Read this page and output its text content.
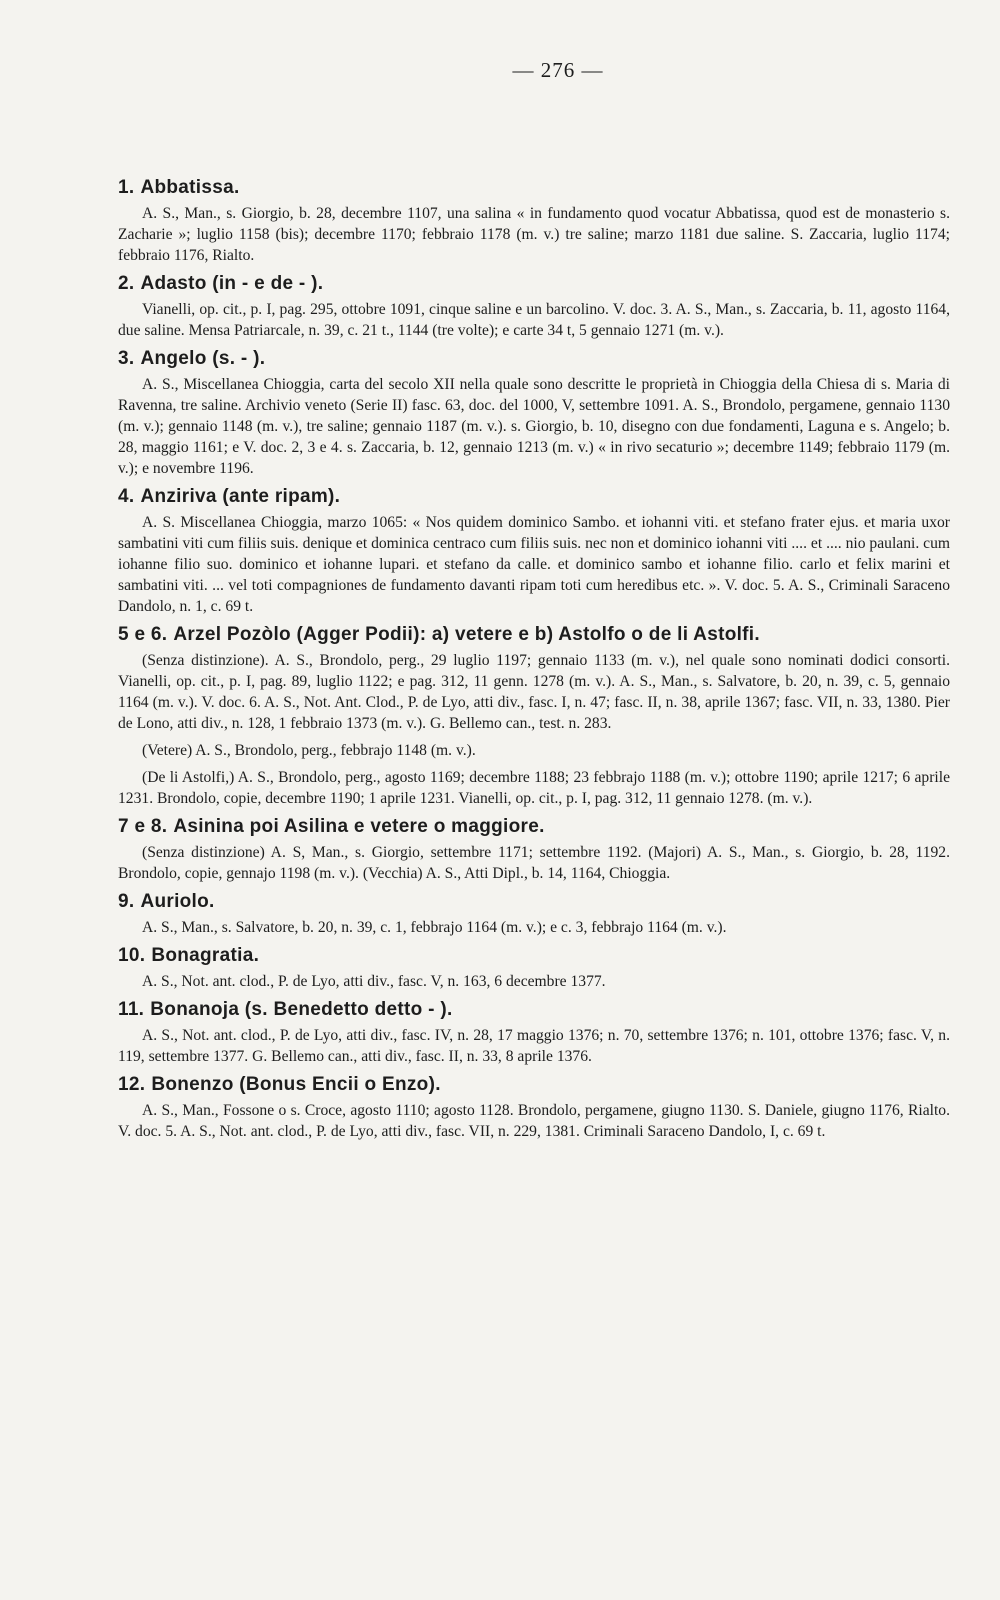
— 276 —
1. Abbatissa.

A. S., Man., s. Giorgio, b. 28, decembre 1107, una salina « in fundamento quod vocatur Abbatissa, quod est de monasterio s. Zacharie »; luglio 1158 (bis); decembre 1170; febbraio 1178 (m. v.) tre saline; marzo 1181 due saline. S. Zaccaria, luglio 1174; febbraio 1176, Rialto.

2. Adasto (in - e de - ).

Vianelli, op. cit., p. I, pag. 295, ottobre 1091, cinque saline e un barcolino. V. doc. 3. A. S., Man., s. Zaccaria, b. 11, agosto 1164, due saline. Mensa Patriarcale, n. 39, c. 21 t., 1144 (tre volte); e carte 34 t, 5 gennaio 1271 (m. v.).

3. Angelo (s. - ).

A. S., Miscellanea Chioggia, carta del secolo XII nella quale sono descritte le proprietà in Chioggia della Chiesa di s. Maria di Ravenna, tre saline. Archivio veneto (Serie II) fasc. 63, doc. del 1000, V, settembre 1091. A. S., Brondolo, pergamene, gennaio 1130 (m. v.); gennaio 1148 (m. v.), tre saline; gennaio 1187 (m. v.). s. Giorgio, b. 10, disegno con due fondamenti, Laguna e s. Angelo; b. 28, maggio 1161; e V. doc. 2, 3 e 4. s. Zaccaria, b. 12, gennaio 1213 (m. v.) « in rivo secaturio »; decembre 1149; febbraio 1179 (m. v.); e novembre 1196.

4. Anziriva (ante ripam).

A. S. Miscellanea Chioggia, marzo 1065: « Nos quidem dominico Sambo. et iohanni viti. et stefano frater ejus. et maria uxor sambatini viti cum filiis suis. denique et dominica centraco cum filiis suis. nec non et dominico iohanni viti .... et .... nio paulani. cum iohanne filio suo. dominico et iohanne lupari. et stefano da calle. et dominico sambo et iohanne filio. carlo et felix marini et sambatini viti. ... vel toti compagniones de fundamento davanti ripam toti cum heredibus etc. ». V. doc. 5. A. S., Criminali Saraceno Dandolo, n. 1, c. 69 t.

5 e 6. Arzel Pozòlo (Agger Podii): a) vetere e b) Astolfo o de li Astolfi.

(Senza distinzione). A. S., Brondolo, perg., 29 luglio 1197; gennaio 1133 (m. v.), nel quale sono nominati dodici consorti. Vianelli, op. cit., p. I, pag. 89, luglio 1122; e pag. 312, 11 genn. 1278 (m. v.). A. S., Man., s. Salvatore, b. 20, n. 39, c. 5, gennaio 1164 (m. v.). V. doc. 6. A. S., Not. Ant. Clod., P. de Lyo, atti div., fasc. I, n. 47; fasc. II, n. 38, aprile 1367; fasc. VII, n. 33, 1380. Pier de Lono, atti div., n. 128, 1 febbraio 1373 (m. v.). G. Bellemo can., test. n. 283.

(Vetere) A. S., Brondolo, perg., febbrajo 1148 (m. v.).

(De li Astolfi,) A. S., Brondolo, perg., agosto 1169; decembre 1188; 23 febbrajo 1188 (m. v.); ottobre 1190; aprile 1217; 6 aprile 1231. Brondolo, copie, decembre 1190; 1 aprile 1231. Vianelli, op. cit., p. I, pag. 312, 11 gennaio 1278. (m. v.).

7 e 8. Asinina poi Asilina e vetere o maggiore.

(Senza distinzione) A. S, Man., s. Giorgio, settembre 1171; settembre 1192. (Majori) A. S., Man., s. Giorgio, b. 28, 1192. Brondolo, copie, gennajo 1198 (m. v.). (Vecchia) A. S., Atti Dipl., b. 14, 1164, Chioggia.

9. Auriolo.

A. S., Man., s. Salvatore, b. 20, n. 39, c. 1, febbrajo 1164 (m. v.); e c. 3, febbrajo 1164 (m. v.).

10. Bonagratia.

A. S., Not. ant. clod., P. de Lyo, atti div., fasc. V, n. 163, 6 decembre 1377.

11. Bonanoja (s. Benedetto detto - ).

A. S., Not. ant. clod., P. de Lyo, atti div., fasc. IV, n. 28, 17 maggio 1376; n. 70, settembre 1376; n. 101, ottobre 1376; fasc. V, n. 119, settembre 1377. G. Bellemo can., atti div., fasc. II, n. 33, 8 aprile 1376.

12. Bonenzo (Bonus Encii o Enzo).

A. S., Man., Fossone o s. Croce, agosto 1110; agosto 1128. Brondolo, pergamene, giugno 1130. S. Daniele, giugno 1176, Rialto. V. doc. 5. A. S., Not. ant. clod., P. de Lyo, atti div., fasc. VII, n. 229, 1381. Criminali Saraceno Dandolo, I, c. 69 t.
